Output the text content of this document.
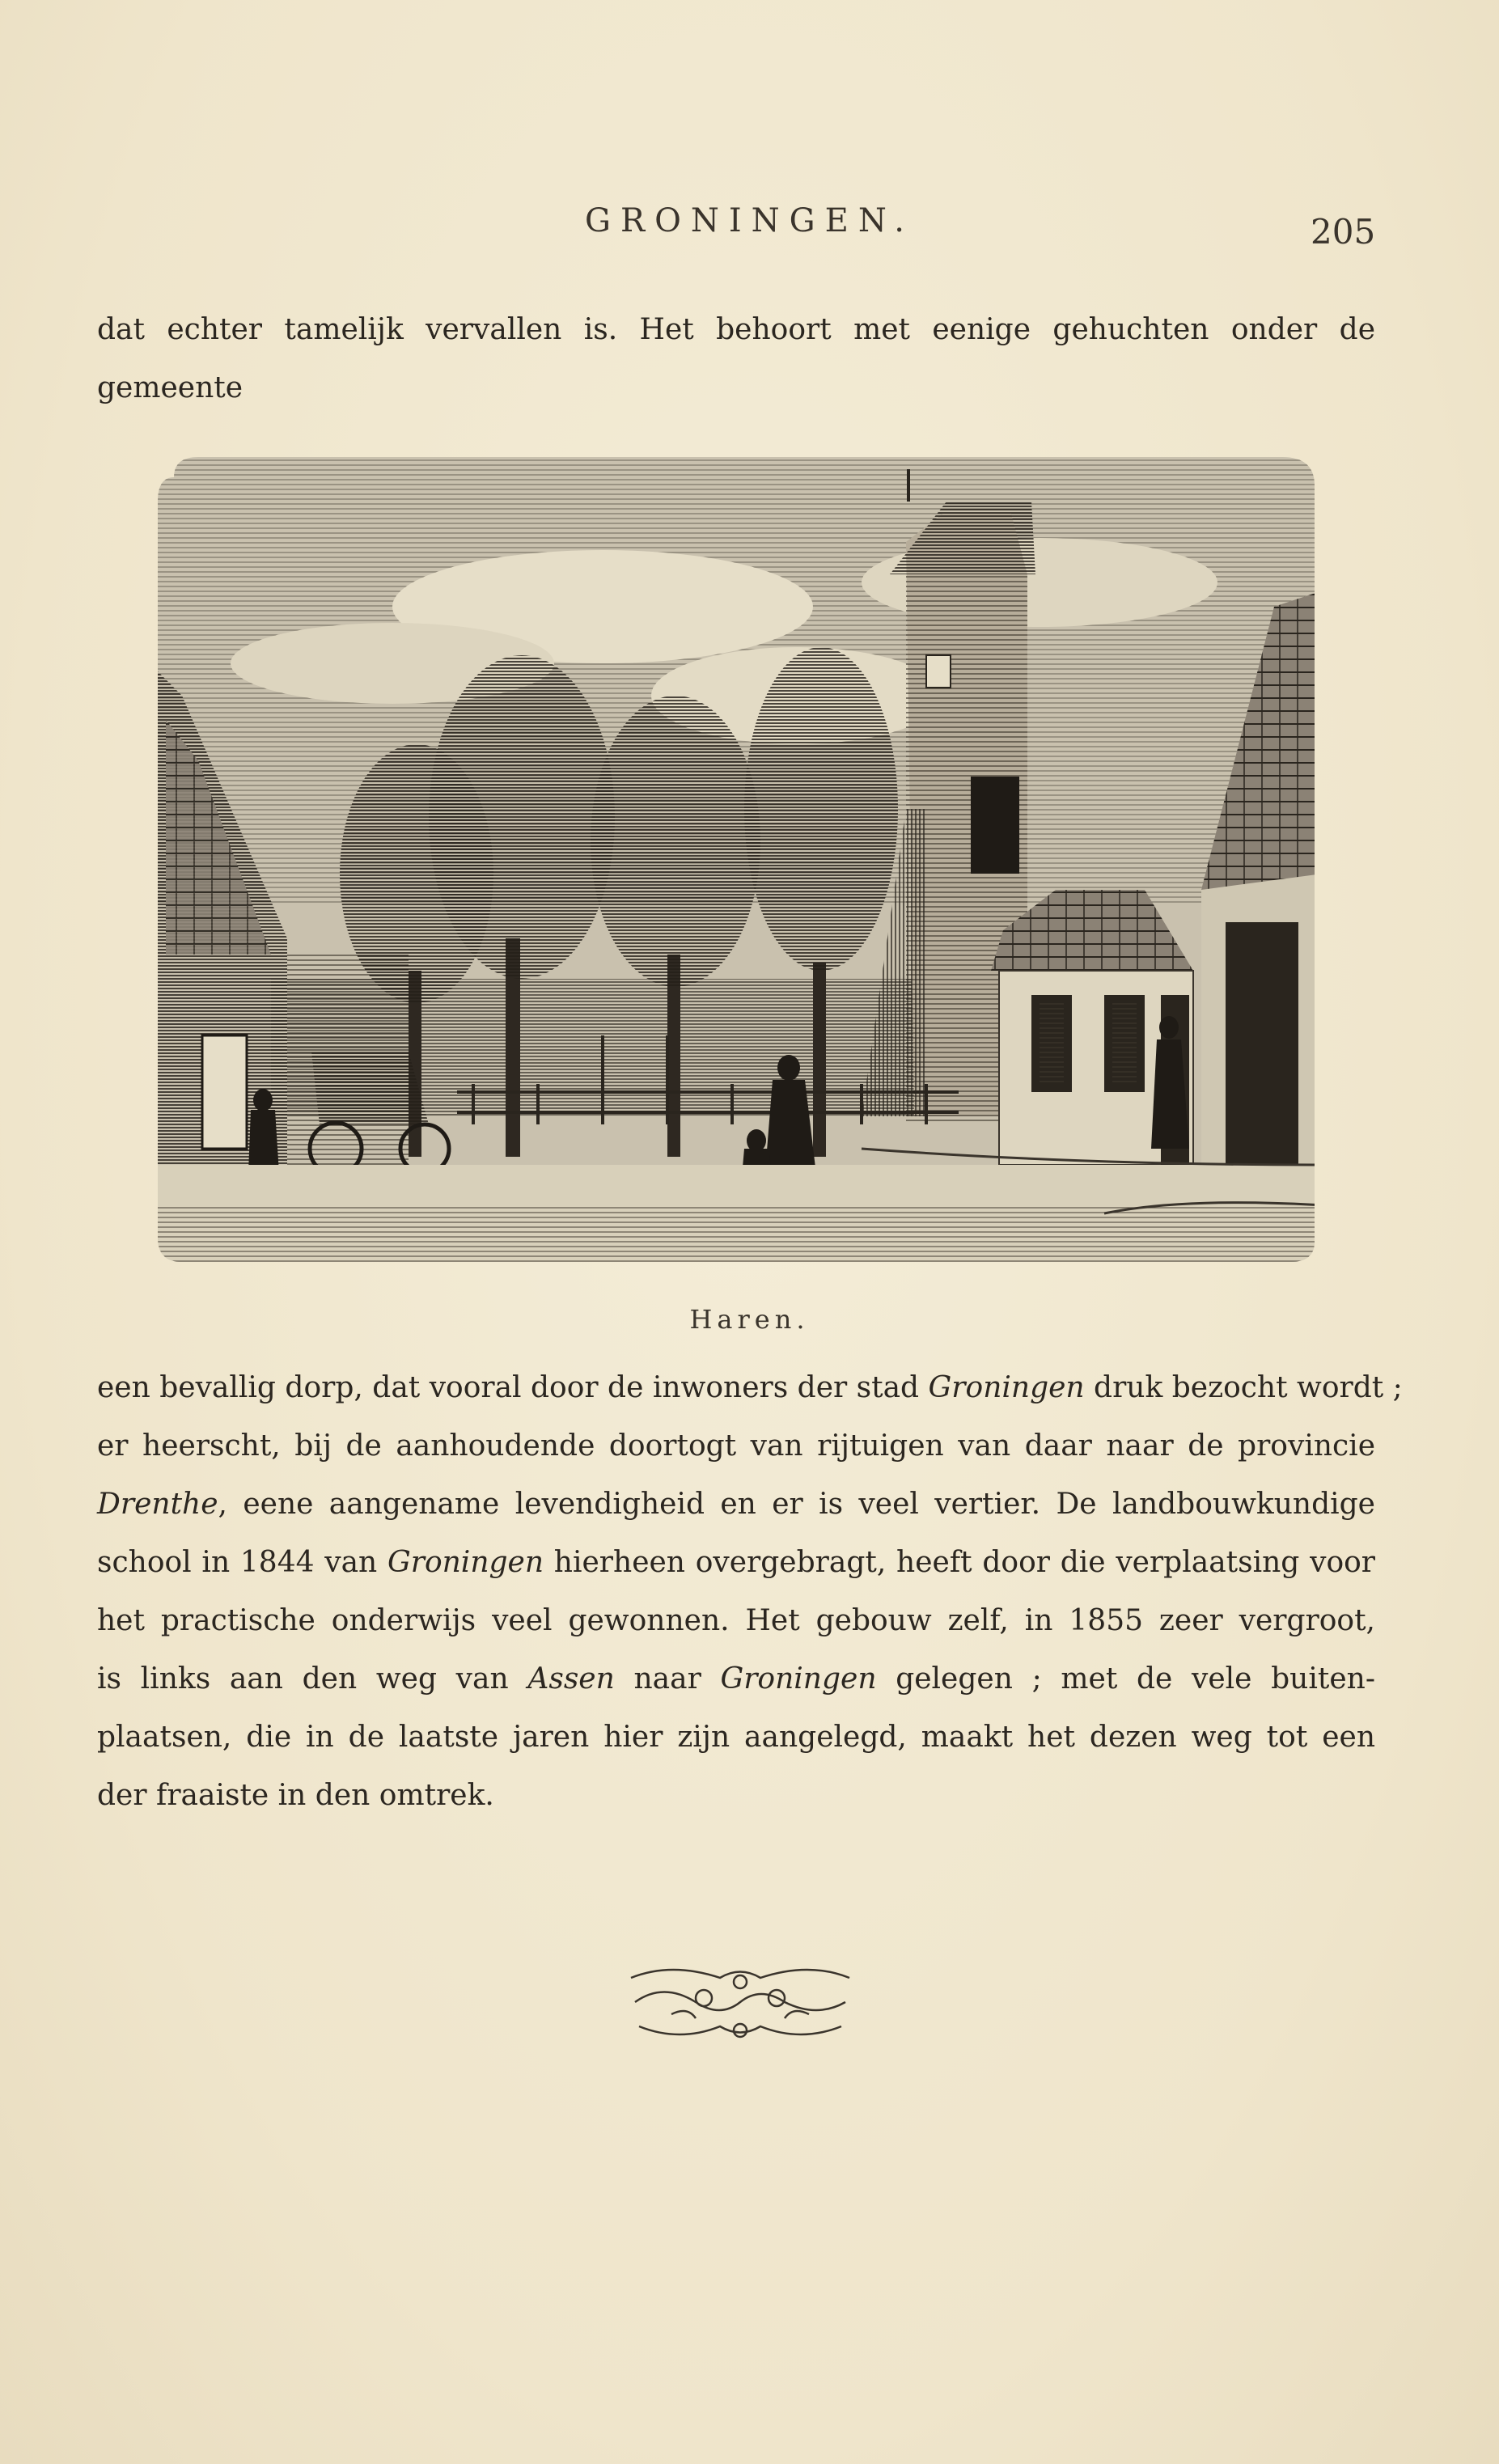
GRONINGEN.	205
dat echter tamelijk vervallen is. Het behoort met eenige gehuchten onder de
gemeente
Haren.
een bevallig dorp, dat vooral door de inwoners der stad Groningen druk bezocht wordt ;
er heerscht, bij de aanhoudende doortogt van rijtuigen van daar naar de provincie
Drenthe, eene aangename levendigheid en er is veel vertier. De landbouwkundige
school in 1844 van Groningen hierheen overgebragt, heeft door die verplaatsing voor
het practische onderwijs veel gewonnen. Het gebouw zelf, in 1855 zeer vergroot,
is links aan den weg van Assen naar Groningen gelegen ; met de vele buiten-
plaatsen, die in de laatste jaren hier zijn aangelegd, maakt het dezen weg tot een
der fraaiste in den omtrek.
